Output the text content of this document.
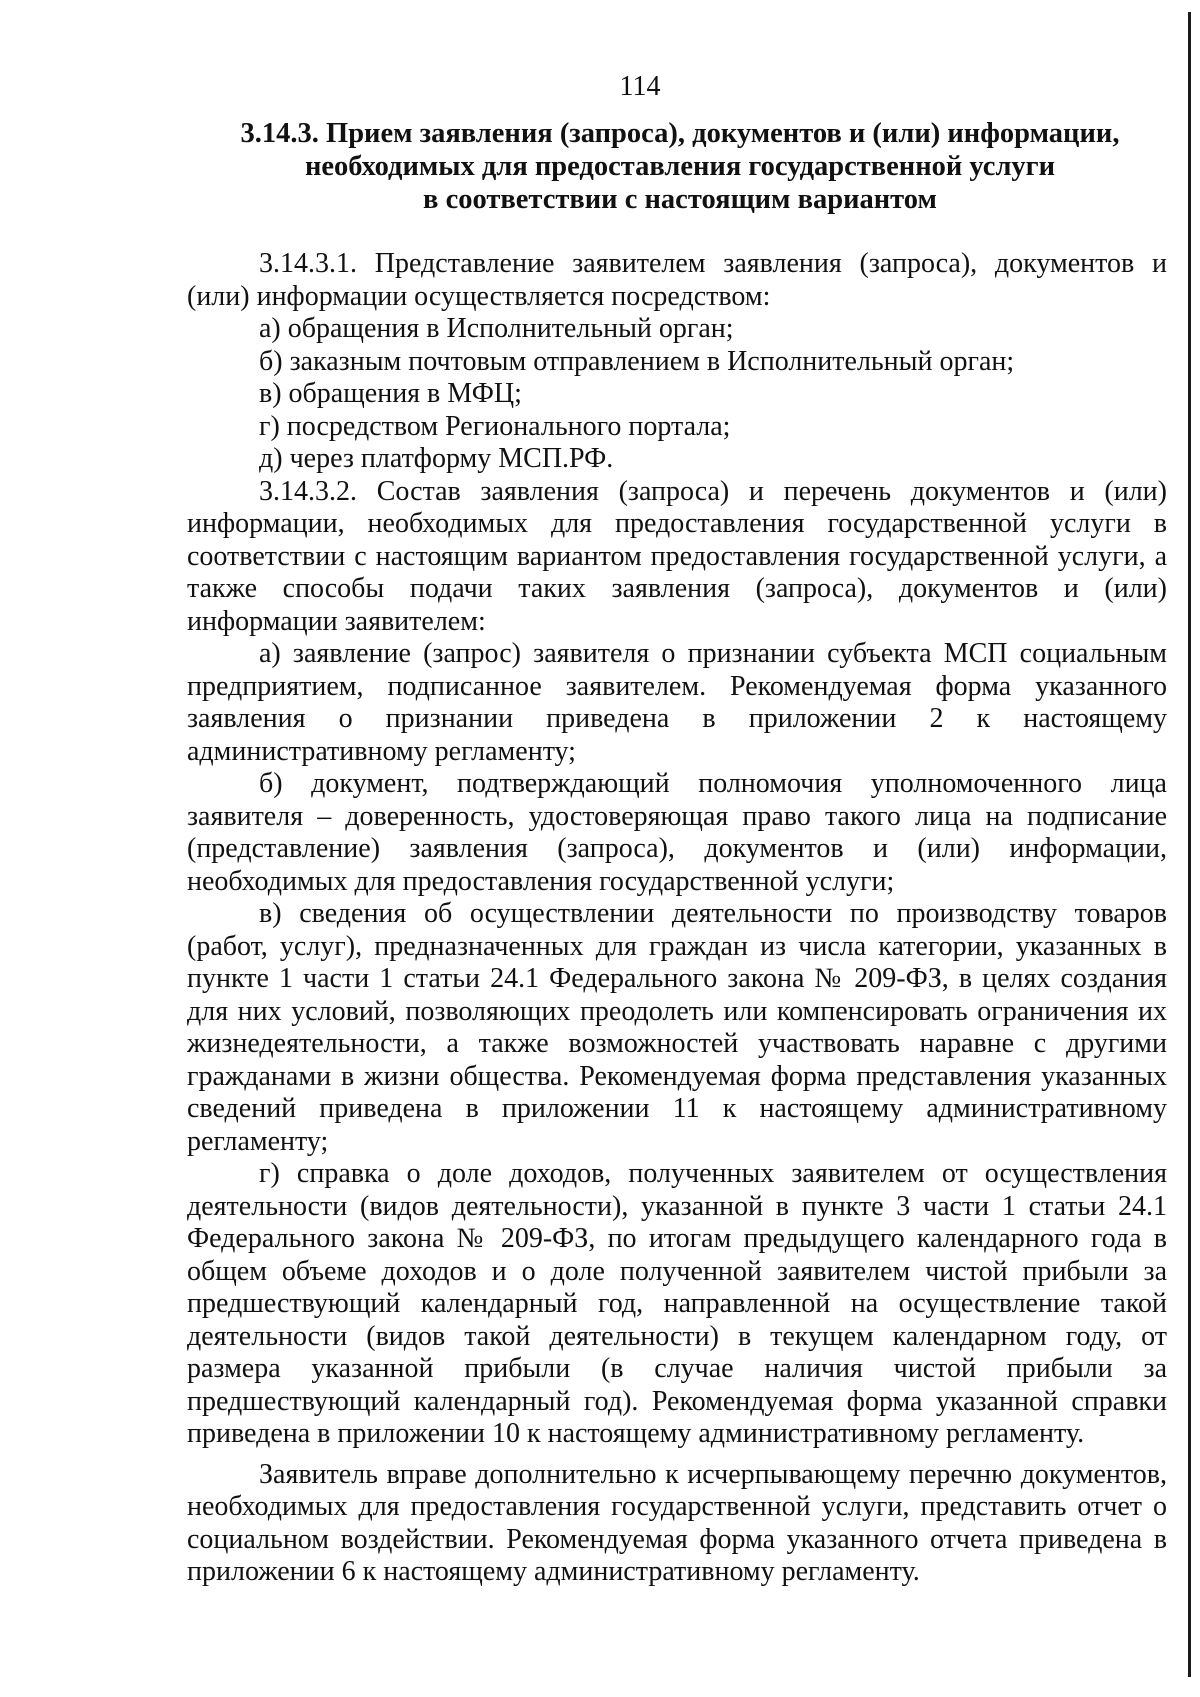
114
3.14.3. Прием заявления (запроса), документов и (или) информации,
необходимых для предоставления государственной услуги
в соответствии с настоящим вариантом

3.14.3.1. Представление заявителем заявления (запроса), документов и (или) информации осуществляется посредством:

а) обращения в Исполнительный орган;

б) заказным почтовым отправлением в Исполнительный орган;

в) обращения в МФЦ;

г) посредством Регионального портала;

д) через платформу МСП.РФ.

3.14.3.2. Состав заявления (запроса) и перечень документов и (или) информации, необходимых для предоставления государственной услуги в соответствии с настоящим вариантом предоставления государственной услуги, а также способы подачи таких заявления (запроса), документов и (или) информации заявителем:

а) заявление (запрос) заявителя о признании субъекта МСП социальным предприятием, подписанное заявителем. Рекомендуемая форма указанного заявления о признании приведена в приложении 2 к настоящему административному регламенту;

б) документ, подтверждающий полномочия уполномоченного лица заявителя – доверенность, удостоверяющая право такого лица на подписание (представление) заявления (запроса), документов и (или) информации, необходимых для предоставления государственной услуги;

в) сведения об осуществлении деятельности по производству товаров (работ, услуг), предназначенных для граждан из числа категории, указанных в пункте 1 части 1 статьи 24.1 Федерального закона № 209-ФЗ, в целях создания для них условий, позволяющих преодолеть или компенсировать ограничения их жизнедеятельности, а также возможностей участвовать наравне с другими гражданами в жизни общества. Рекомендуемая форма представления указанных сведений приведена в приложении 11 к настоящему административному регламенту;

г) справка о доле доходов, полученных заявителем от осуществления деятельности (видов деятельности), указанной в пункте 3 части 1 статьи 24.1 Федерального закона № 209-ФЗ, по итогам предыдущего календарного года в общем объеме доходов и о доле полученной заявителем чистой прибыли за предшествующий календарный год, направленной на осуществление такой деятельности (видов такой деятельности) в текущем календарном году, от размера указанной прибыли (в случае наличия чистой прибыли за предшествующий календарный год). Рекомендуемая форма указанной справки приведена в приложении 10 к настоящему административному регламенту.

Заявитель вправе дополнительно к исчерпывающему перечню документов, необходимых для предоставления государственной услуги, представить отчет о социальном воздействии. Рекомендуемая форма указанного отчета приведена в приложении 6 к настоящему административному регламенту.
